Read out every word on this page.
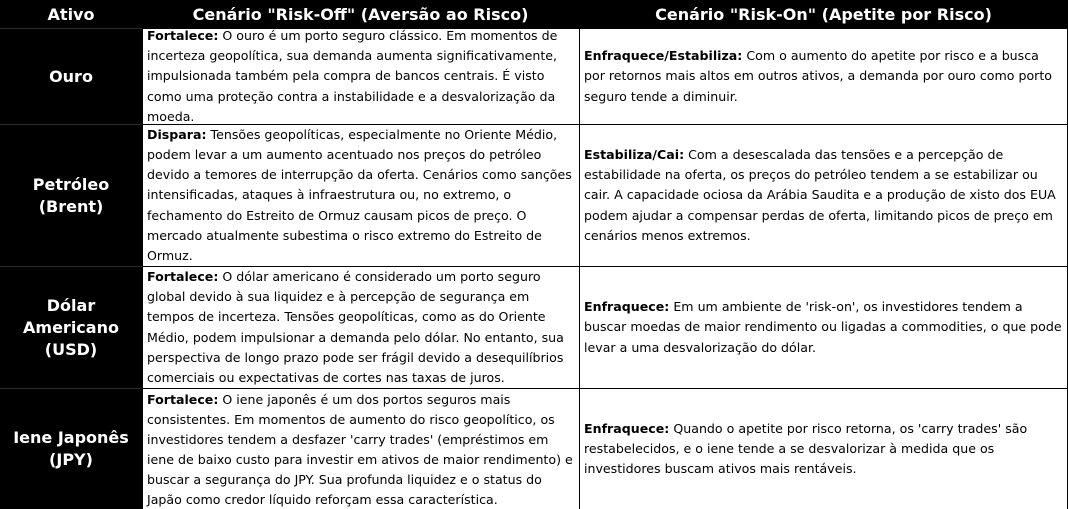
Ativo	Cenário "Risk-Off" (Aversão ao Risco)	Cenário "Risk-On" (Apetite por Risco)
Ouro
Fortalece: O ouro é um porto seguro clássico. Em momentos de incerteza geopolítica, sua demanda aumenta significativamente, impulsionada também pela compra de bancos centrais. É visto como uma proteção contra a instabilidade e a desvalorização da moeda.
Enfraquece/Estabiliza: Com o aumento do apetite por risco e a busca por retornos mais altos em outros ativos, a demanda por ouro como porto seguro tende a diminuir.
Petróleo (Brent)
Dispara: Tensões geopolíticas, especialmente no Oriente Médio, podem levar a um aumento acentuado nos preços do petróleo devido a temores de interrupção da oferta. Cenários como sanções intensificadas, ataques à infraestrutura ou, no extremo, o fechamento do Estreito de Ormuz causam picos de preço. O mercado atualmente subestima o risco extremo do Estreito de Ormuz.
Estabiliza/Cai: Com a desescalada das tensões e a percepção de estabilidade na oferta, os preços do petróleo tendem a se estabilizar ou cair. A capacidade ociosa da Arábia Saudita e a produção de xisto dos EUA podem ajudar a compensar perdas de oferta, limitando picos de preço em cenários menos extremos.
Dólar Americano
(USD)
Fortalece: O dólar americano é considerado um porto seguro global devido à sua liquidez e à percepção de segurança em tempos de incerteza. Tensões geopolíticas, como as do Oriente Médio, podem impulsionar a demanda pelo dólar. No entanto, sua perspectiva de longo prazo pode ser frágil devido a desequilíbrios comerciais ou expectativas de cortes nas taxas de juros.
Enfraquece: Em um ambiente de 'risk-on', os investidores tendem a buscar moedas de maior rendimento ou ligadas a commodities, o que pode levar a uma desvalorização do dólar.
Iene Japonês
(JPY)
Fortalece: O iene japonês é um dos portos seguros mais consistentes. Em momentos de aumento do risco geopolítico, os investidores tendem a desfazer 'carry trades' (empréstimos em iene de baixo custo para investir em ativos de maior rendimento) e buscar a segurança do JPY. Sua profunda liquidez e o status do Japão como credor líquido reforçam essa característica.
Enfraquece: Quando o apetite por risco retorna, os 'carry trades' são restabelecidos, e o iene tende a se desvalorizar à medida que os investidores buscam ativos mais rentáveis.
